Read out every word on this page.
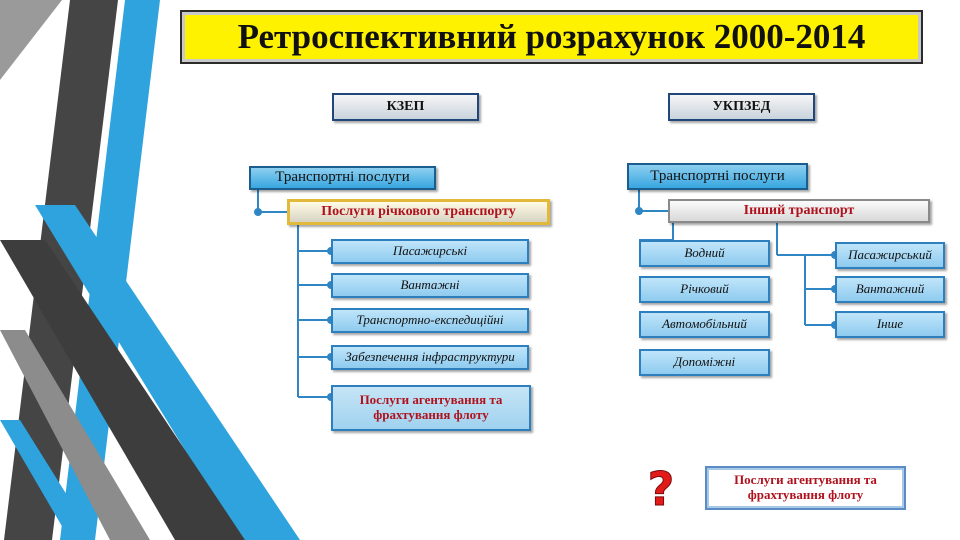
Ретроспективний розрахунок 2000-2014
КЗЕП
Транспортні послуги
Послуги річкового транспорту
Пасажирські
Вантажні
Транспортно-експедиційні
Забезпечення інфраструктури
Послуги агентування та фрахтування флоту
УКПЗЕД
Транспортні послуги
Інший транспорт
Водний
Річковий
Автомобільний
Допоміжні
Пасажирський
Вантажний
Інше
?	Послуги агентування та фрахтування флоту
